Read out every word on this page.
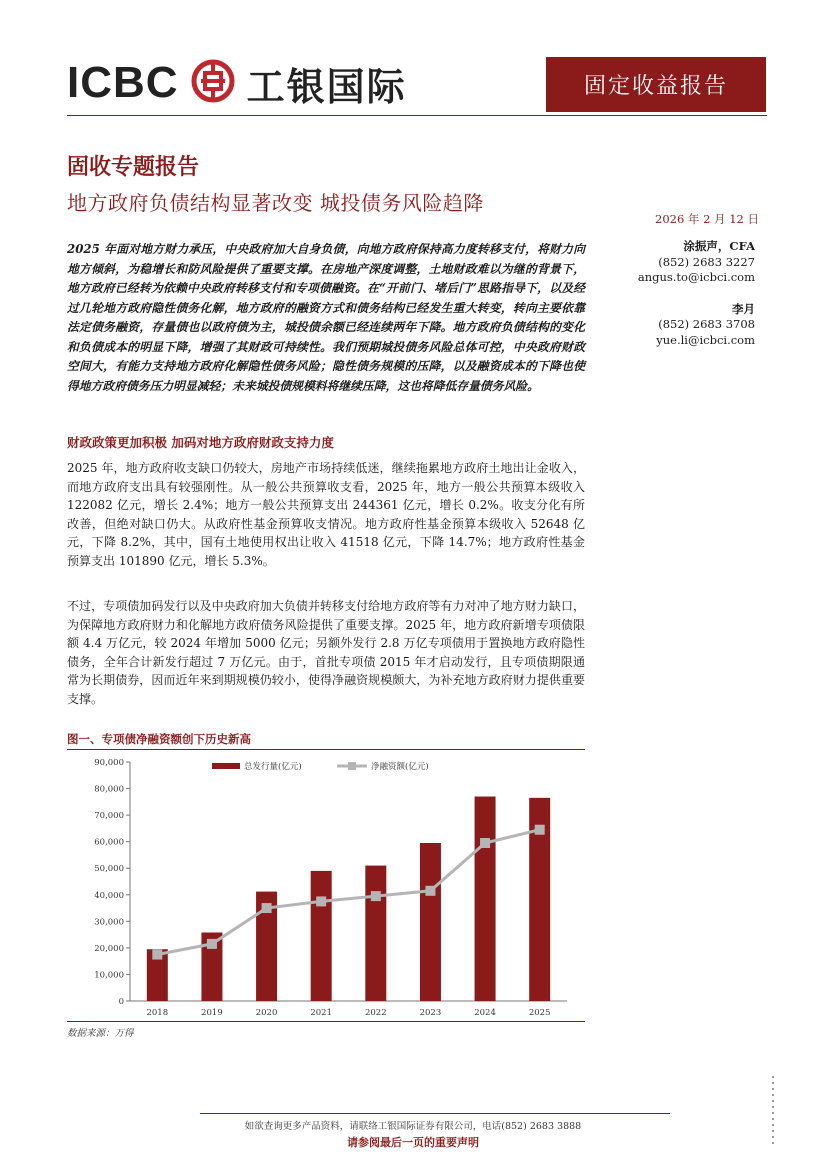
ICBC 工银国际	固定收益报告
固收专题报告
地方政府负债结构显著改变 城投债务风险趋降
2026 年 2 月 12 日
2025 年面对地方财力承压，中央政府加大自身负债，向地方政府保持高力度转移支付，将财力向地方倾斜，为稳增长和防风险提供了重要支撑。在房地产深度调整，土地财政难以为继的背景下，地方政府已经转为依赖中央政府转移支付和专项债融资。在“开前门、堵后门”思路指导下，以及经过几轮地方政府隐性债务化解，地方政府的融资方式和债务结构已经发生重大转变，转向主要依靠法定债务融资，存量债也以政府债为主，城投债余额已经连续两年下降。地方政府负债结构的变化和负债成本的明显下降，增强了其财政可持续性。我们预期城投债务风险总体可控，中央政府财政空间大，有能力支持地方政府化解隐性债务风险；隐性债务规模的压降，以及融资成本的下降也使得地方政府债务压力明显减轻；未来城投债规模料将继续压降，这也将降低存量债务风险。
涂振声，CFA
(852) 2683 3227
angus.to@icbci.com
李月
(852) 2683 3708
yue.li@icbci.com
财政政策更加积极 加码对地方政府财政支持力度
2025 年，地方政府收支缺口仍较大，房地产市场持续低迷，继续拖累地方政府土地出让金收入，而地方政府支出具有较强刚性。从一般公共预算收支看，2025 年，地方一般公共预算本级收入 122082 亿元，增长 2.4%；地方一般公共预算支出 244361 亿元，增长 0.2%。收支分化有所改善，但绝对缺口仍大。从政府性基金预算收支情况。地方政府性基金预算本级收入 52648 亿元，下降 8.2%，其中，国有土地使用权出让收入 41518 亿元，下降 14.7%；地方政府性基金预算支出 101890 亿元，增长 5.3%。
不过，专项债加码发行以及中央政府加大负债并转移支付给地方政府等有力对冲了地方财力缺口，为保障地方政府财力和化解地方政府债务风险提供了重要支撑。2025 年，地方政府新增专项债限额 4.4 万亿元，较 2024 年增加 5000 亿元；另额外发行 2.8 万亿专项债用于置换地方政府隐性债务，全年合计新发行超过 7 万亿元。由于，首批专项债 2015 年才启动发行，且专项债期限通常为长期债券，因而近年来到期规模仍较小，使得净融资规模颇大，为补充地方政府财力提供重要支撑。
图一、专项债净融资额创下历史新高
0
10,000
20,000
30,000
40,000
50,000
60,000
70,000
80,000
90,000
2018	2019	2020	2021	2022	2023	2024	2025
总发行量(亿元)	净融资额(亿元)
数据来源：万得
如欲查询更多产品资料，请联络工银国际证券有限公司，电话(852) 2683 3888
请参阅最后一页的重要声明
